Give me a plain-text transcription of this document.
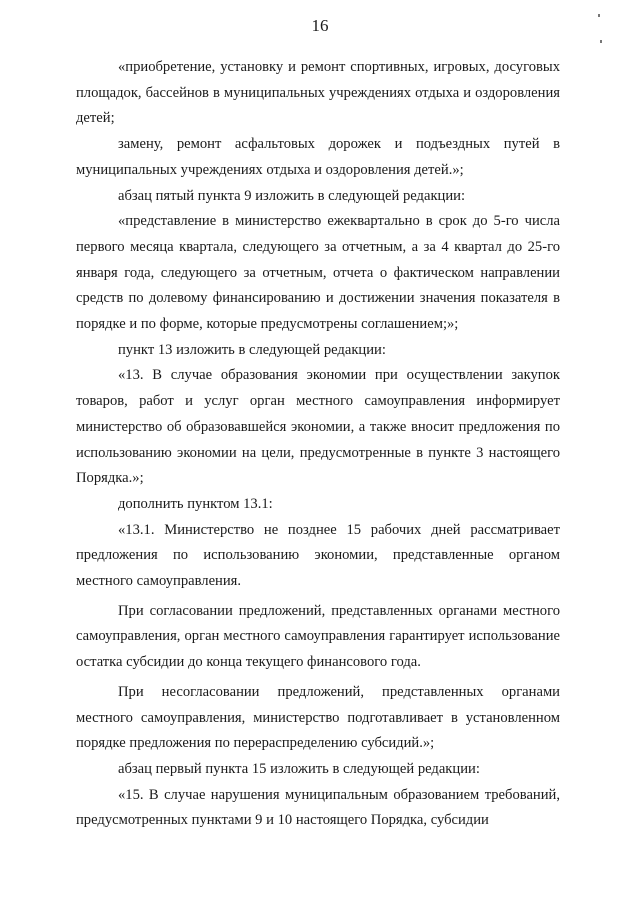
16

«приобретение, установку и ремонт спортивных, игровых, досуговых площадок, бассейнов в муниципальных учреждениях отдыха и оздоровления детей;

замену, ремонт асфальтовых дорожек и подъездных путей в муниципальных учреждениях отдыха и оздоровления детей.»;

абзац пятый пункта 9 изложить в следующей редакции:

«представление в министерство ежеквартально в срок до 5-го числа первого месяца квартала, следующего за отчетным, а за 4 квартал до 25-го января года, следующего за отчетным, отчета о фактическом направлении средств по долевому финансированию и достижении значения показателя в порядке и по форме, которые предусмотрены соглашением;»;

пункт 13 изложить в следующей редакции:

«13. В случае образования экономии при осуществлении закупок товаров, работ и услуг орган местного самоуправления информирует министерство об образовавшейся экономии, а также вносит предложения по использованию экономии на цели, предусмотренные в пункте 3 настоящего Порядка.»;

дополнить пунктом 13.1:

«13.1. Министерство не позднее 15 рабочих дней рассматривает предложения по использованию экономии, представленные органом местного самоуправления.

При согласовании предложений, представленных органами местного самоуправления, орган местного самоуправления гарантирует использование остатка субсидии до конца текущего финансового года.

При несогласовании предложений, представленных органами местного самоуправления, министерство подготавливает в установленном порядке предложения по перераспределению субсидий.»;

абзац первый пункта 15 изложить в следующей редакции:

«15. В случае нарушения муниципальным образованием требований, предусмотренных пунктами 9 и 10 настоящего Порядка, субсидии
